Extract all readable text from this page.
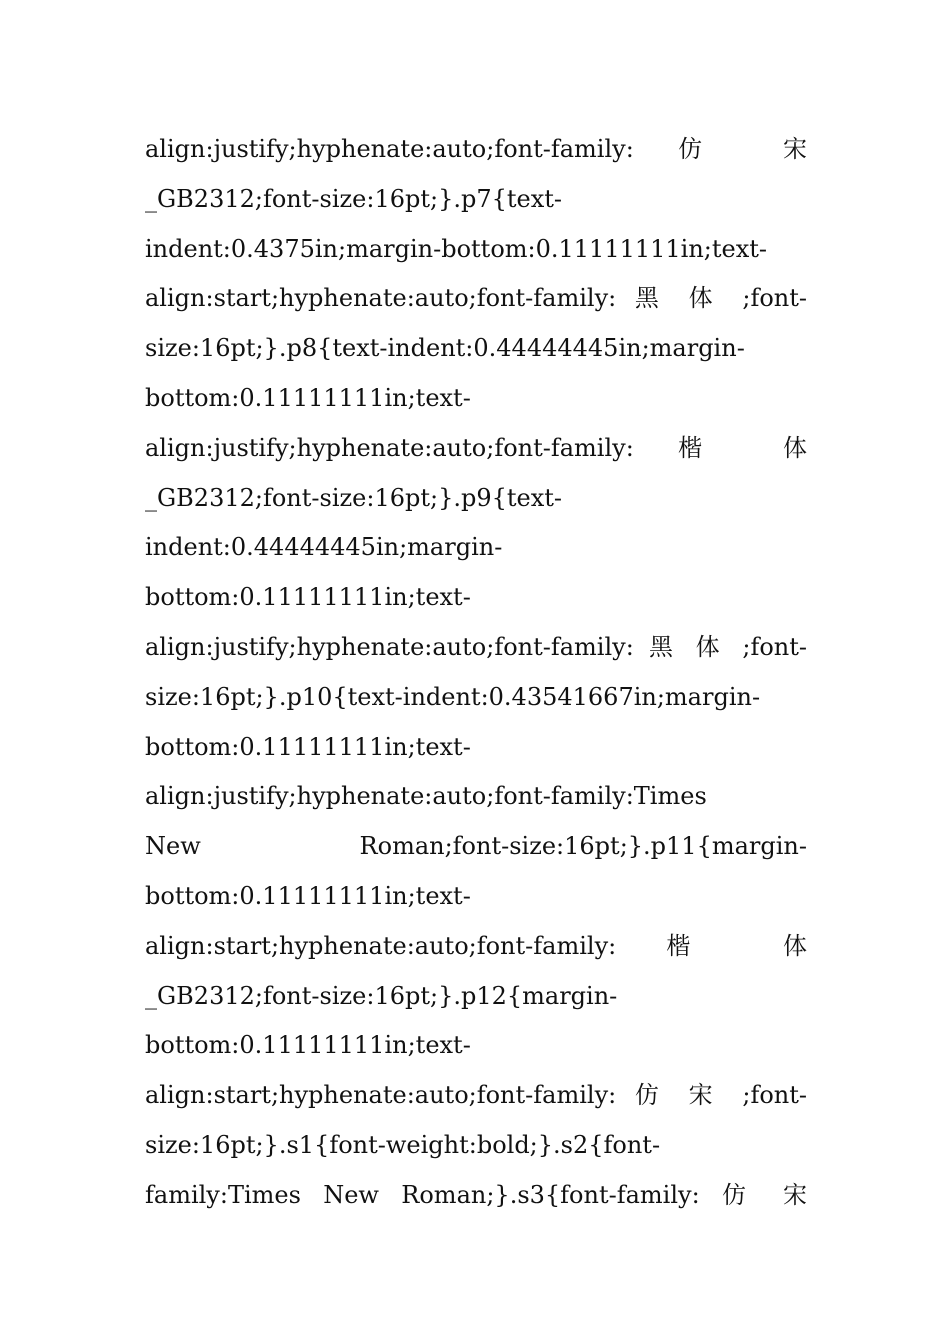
align:justify;hyphenate:auto;font-family: 仿 宋
_GB2312;font-size:16pt;}.p7{text-
indent:0.4375in;margin-bottom:0.11111111in;text-
align:start;hyphenate:auto;font-family: 黑 体 ;font-
size:16pt;}.p8{text-indent:0.44444445in;margin-
bottom:0.11111111in;text-
align:justify;hyphenate:auto;font-family: 楷 体
_GB2312;font-size:16pt;}.p9{text-
indent:0.44444445in;margin-
bottom:0.11111111in;text-
align:justify;hyphenate:auto;font-family: 黑 体 ;font-
size:16pt;}.p10{text-indent:0.43541667in;margin-
bottom:0.11111111in;text-
align:justify;hyphenate:auto;font-family:Times
New Roman;font-size:16pt;}.p11{margin-
bottom:0.11111111in;text-
align:start;hyphenate:auto;font-family: 楷 体
_GB2312;font-size:16pt;}.p12{margin-
bottom:0.11111111in;text-
align:start;hyphenate:auto;font-family: 仿 宋 ;font-
size:16pt;}.s1{font-weight:bold;}.s2{font-
family:Times New Roman;}.s3{font-family: 仿 宋
